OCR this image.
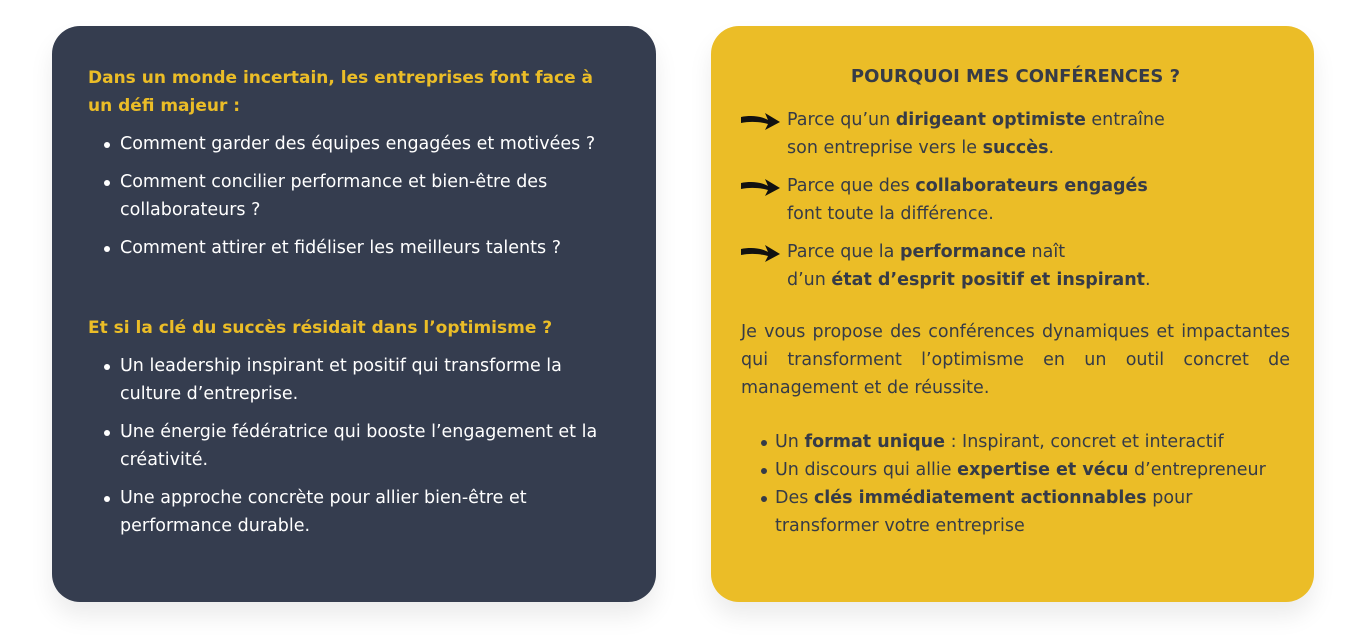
Dans un monde incertain, les entreprises font face à un défi majeur :
Comment garder des équipes engagées et motivées ?
Comment concilier performance et bien-être des collaborateurs ?
Comment attirer et fidéliser les meilleurs talents ?
Et si la clé du succès résidait dans l’optimisme ?
Un leadership inspirant et positif qui transforme la culture d’entreprise.
Une énergie fédératrice qui booste l’engagement et la créativité.
Une approche concrète pour allier bien-être et performance durable.
POURQUOI MES CONFÉRENCES ?
Parce qu’un dirigeant optimiste entraîne
son entreprise vers le succès.
Parce que des collaborateurs engagés
font toute la différence.
Parce que la performance naît
d’un état d’esprit positif et inspirant.

Je vous propose des conférences dynamiques et impactantes qui transforment l’optimisme en un outil concret de management et de réussite.

Un format unique : Inspirant, concret et interactif
Un discours qui allie expertise et vécu d’entrepreneur
Des clés immédiatement actionnables pour transformer votre entreprise
